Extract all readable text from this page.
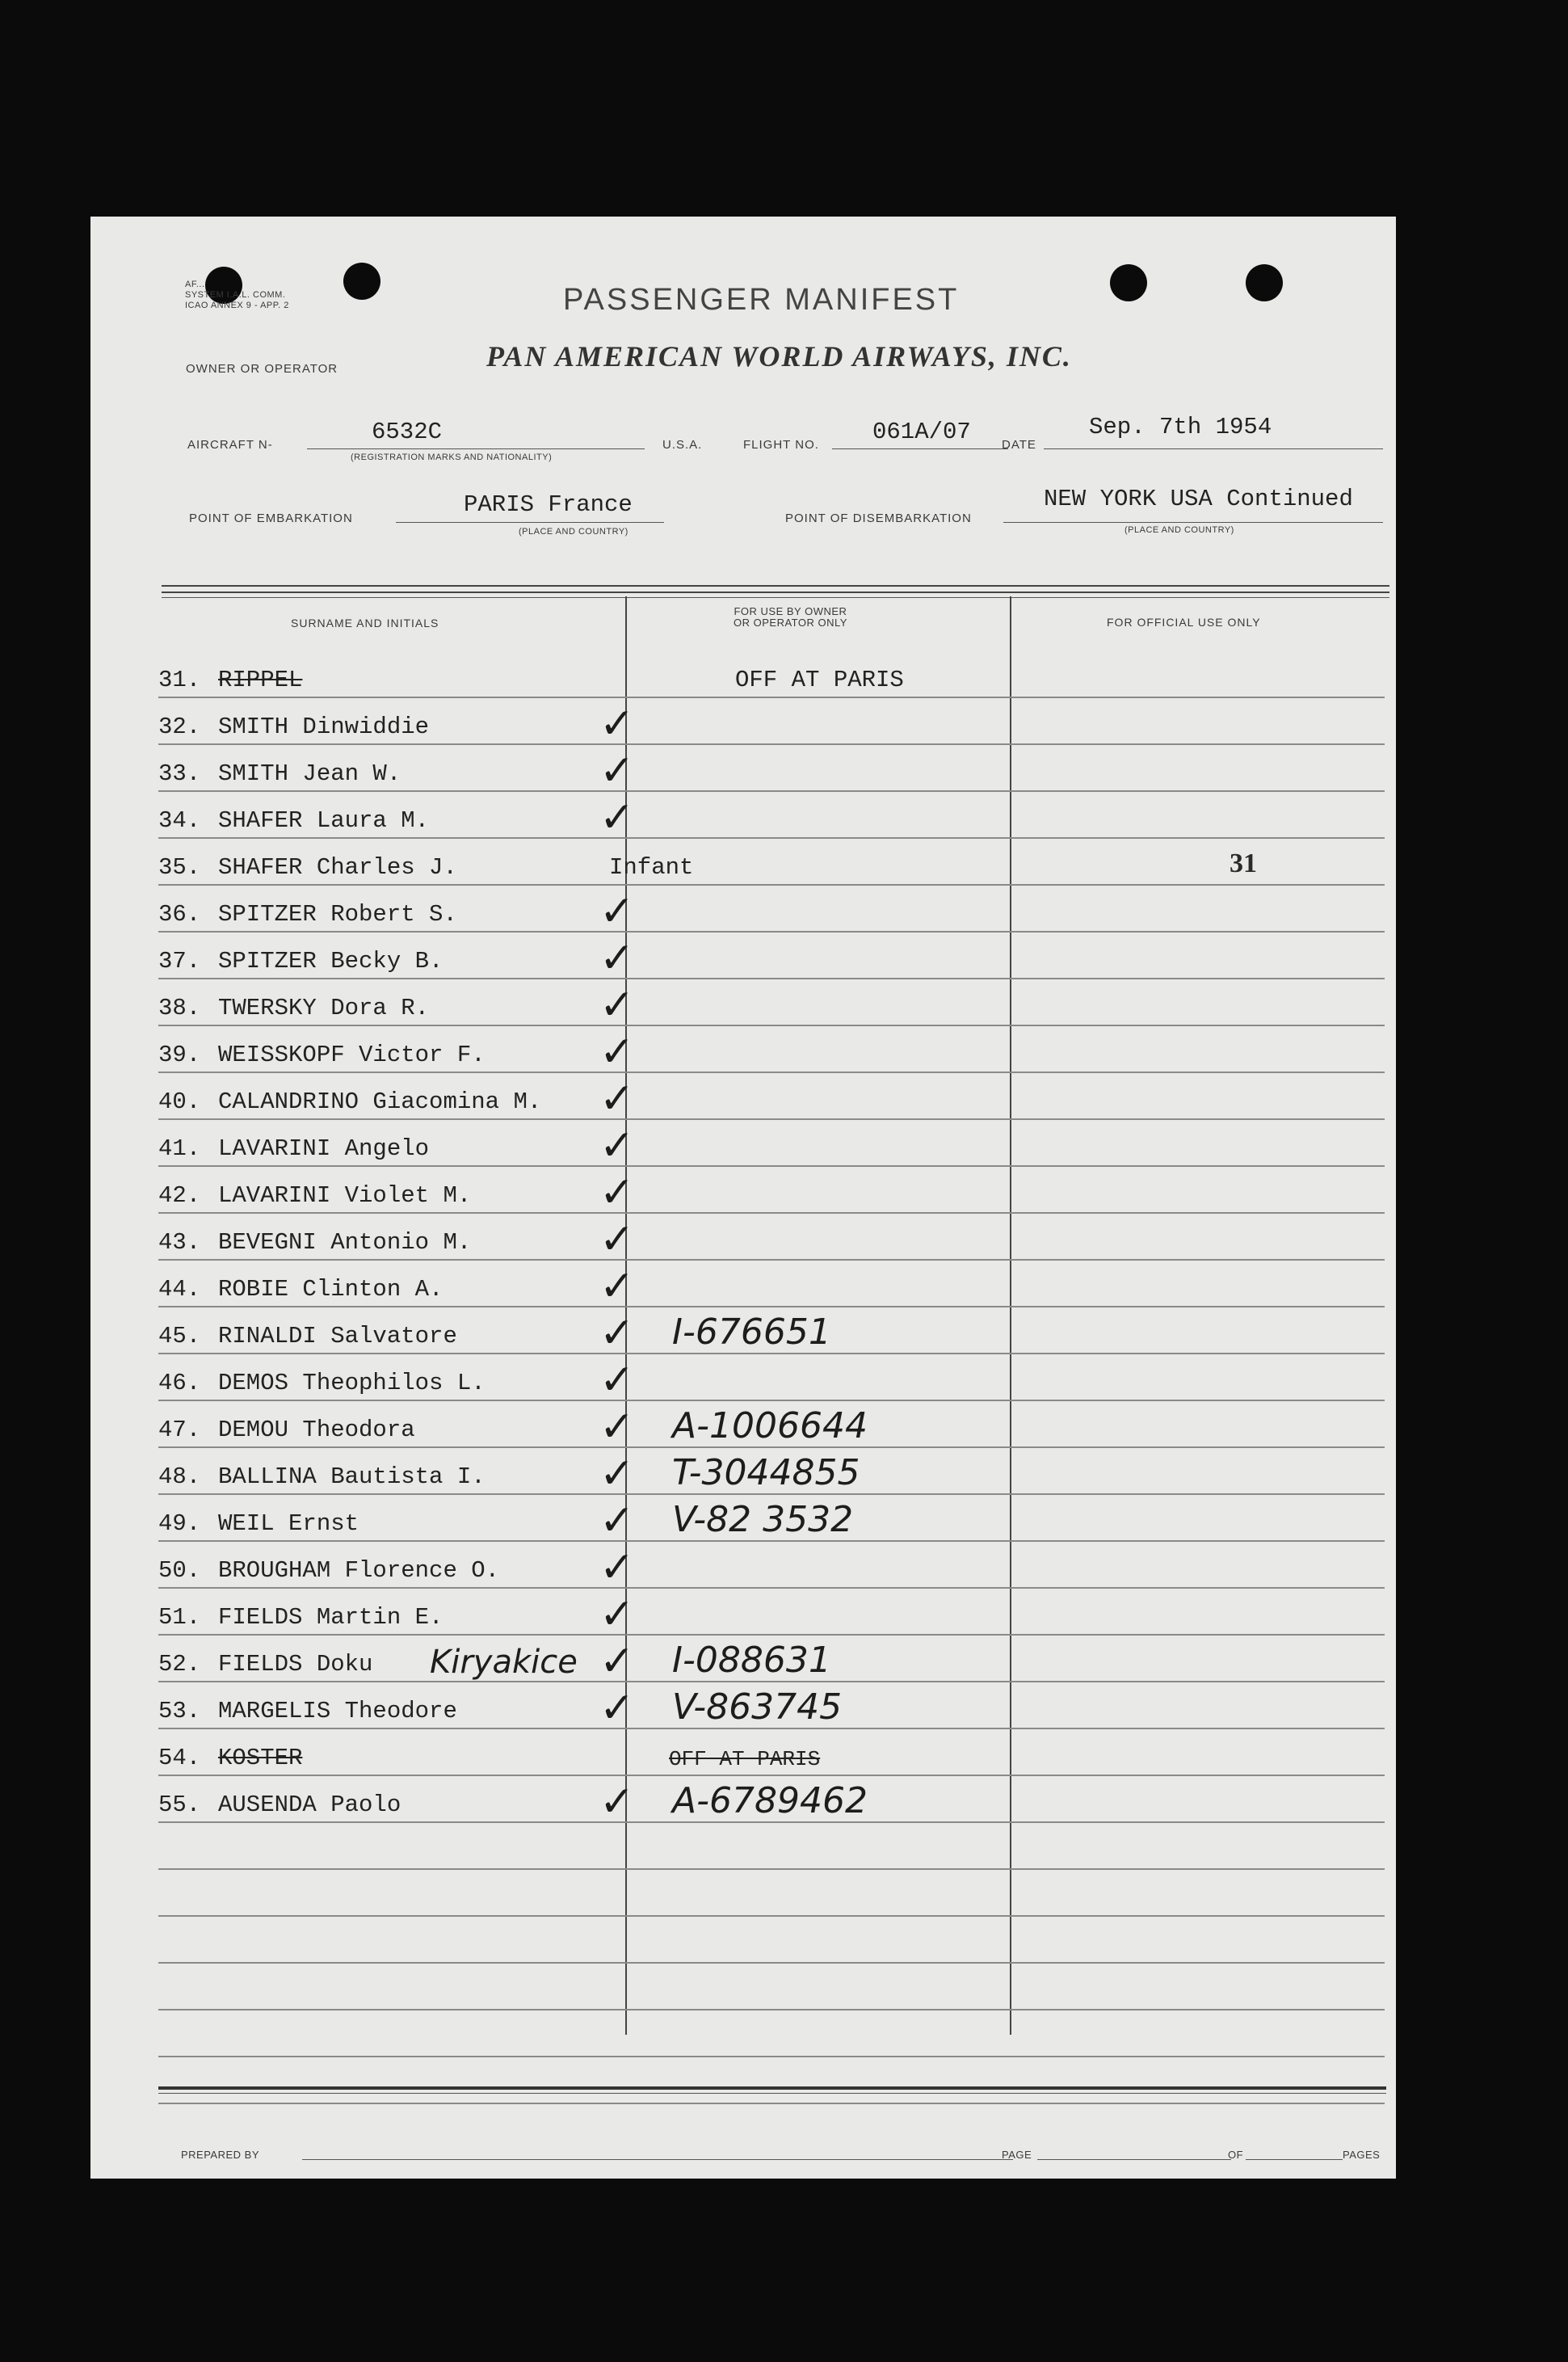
AF...
SYSTEM I.A.L. COMM.
ICAO ANNEX 9 - APP. 2	PASSENGER MANIFEST
OWNER OR OPERATOR	PAN AMERICAN WORLD AIRWAYS, INC.
AIRCRAFT N-	6532C
(REGISTRATION MARKS AND NATIONALITY)
U.S.A.	FLIGHT NO. 061A/07	DATE
Sep. 7th 1954
POINT OF EMBARKATION
PARIS France
(PLACE AND COUNTRY)
POINT OF DISEMBARKATION
NEW YORK USA Continued
(PLACE AND COUNTRY)
SURNAME AND INITIALS
FOR USE BY OWNER
OR OPERATOR ONLY	FOR OFFICIAL USE ONLY
31. RIPPEL	OFF AT PARIS
32. SMITH Dinwiddie	✓
33. SMITH Jean W.	✓
34. SHAFER Laura M.	✓
35. SHAFER Charles J.	Infant	31
36. SPITZER Robert S.	✓
37. SPITZER Becky B.	✓
38. TWERSKY Dora R.	✓
39. WEISSKOPF Victor F.	✓
40. CALANDRINO Giacomina M. ✓
41. LAVARINI Angelo	✓
42. LAVARINI Violet M.	✓
43. BEVEGNI Antonio M.	✓
44. ROBIE Clinton A.	✓
45. RINALDI Salvatore	✓ I-676651
46. DEMOS Theophilos L.	✓
47. DEMOU Theodora	✓ A-1006644
48. BALLINA Bautista I.	✓ T-3044855
49. WEIL Ernst	✓ V-82 3532
50. BROUGHAM Florence O. ✓
51. FIELDS Martin E.	✓
52. FIELDS Doku Kiryakice ✓ I-088631
53. MARGELIS Theodore	✓ V-863745
54. KOSTER	OFF AT PARIS
55. AUSENDA Paolo	✓ A-6789462
PREPARED BY	PAGE	OF	PAGES
